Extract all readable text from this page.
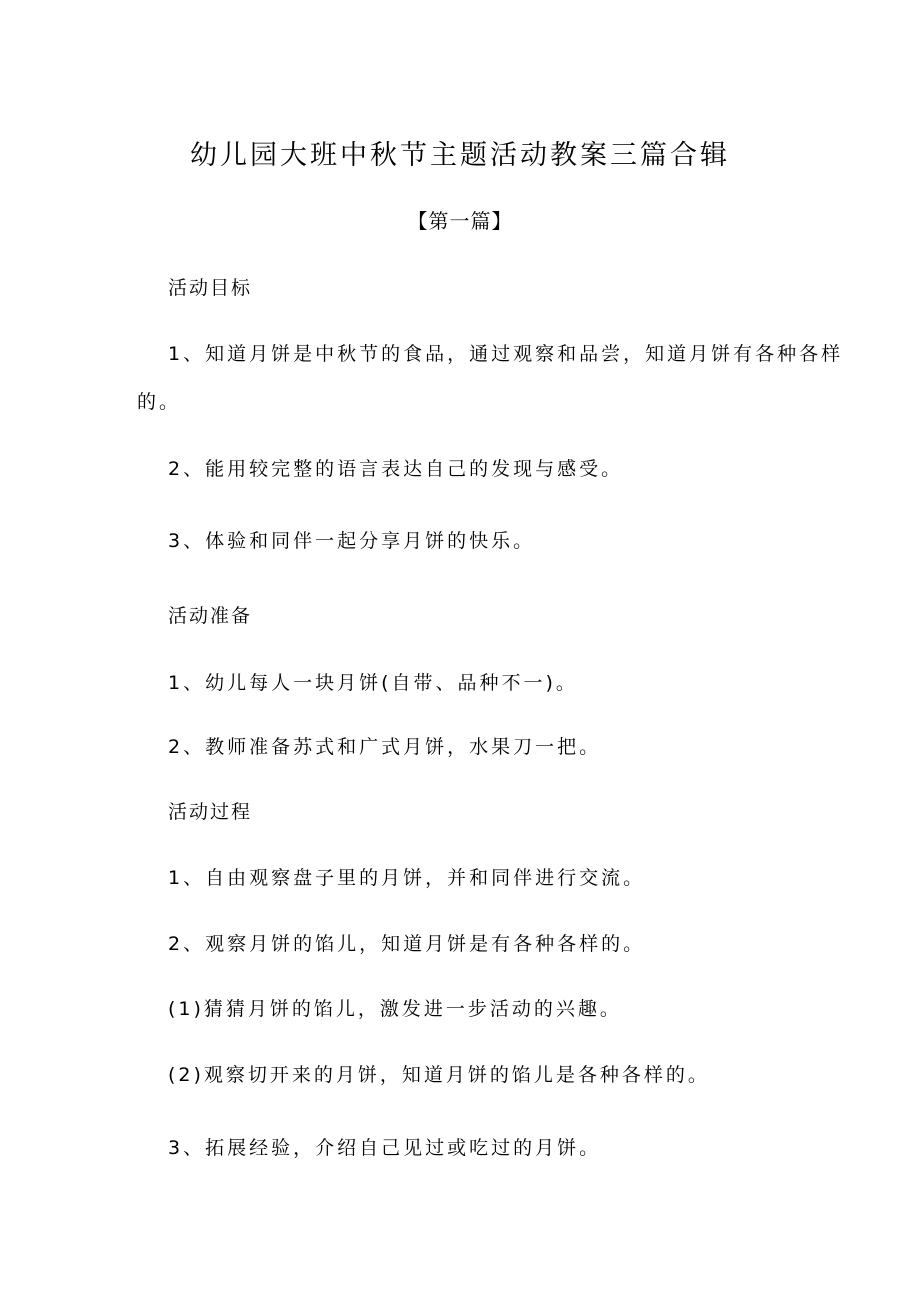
幼儿园大班中秋节主题活动教案三篇合辑
【第一篇】
活动目标
1、知道月饼是中秋节的食品，通过观察和品尝，知道月饼有各种各样
的。
2、能用较完整的语言表达自己的发现与感受。
3、体验和同伴一起分享月饼的快乐。
活动准备
1、幼儿每人一块月饼(自带、品种不一)。
2、教师准备苏式和广式月饼，水果刀一把。
活动过程
1、自由观察盘子里的月饼，并和同伴进行交流。
2、观察月饼的馅儿，知道月饼是有各种各样的。
(1)猜猜月饼的馅儿，激发进一步活动的兴趣。
(2)观察切开来的月饼，知道月饼的馅儿是各种各样的。
3、拓展经验，介绍自己见过或吃过的月饼。
